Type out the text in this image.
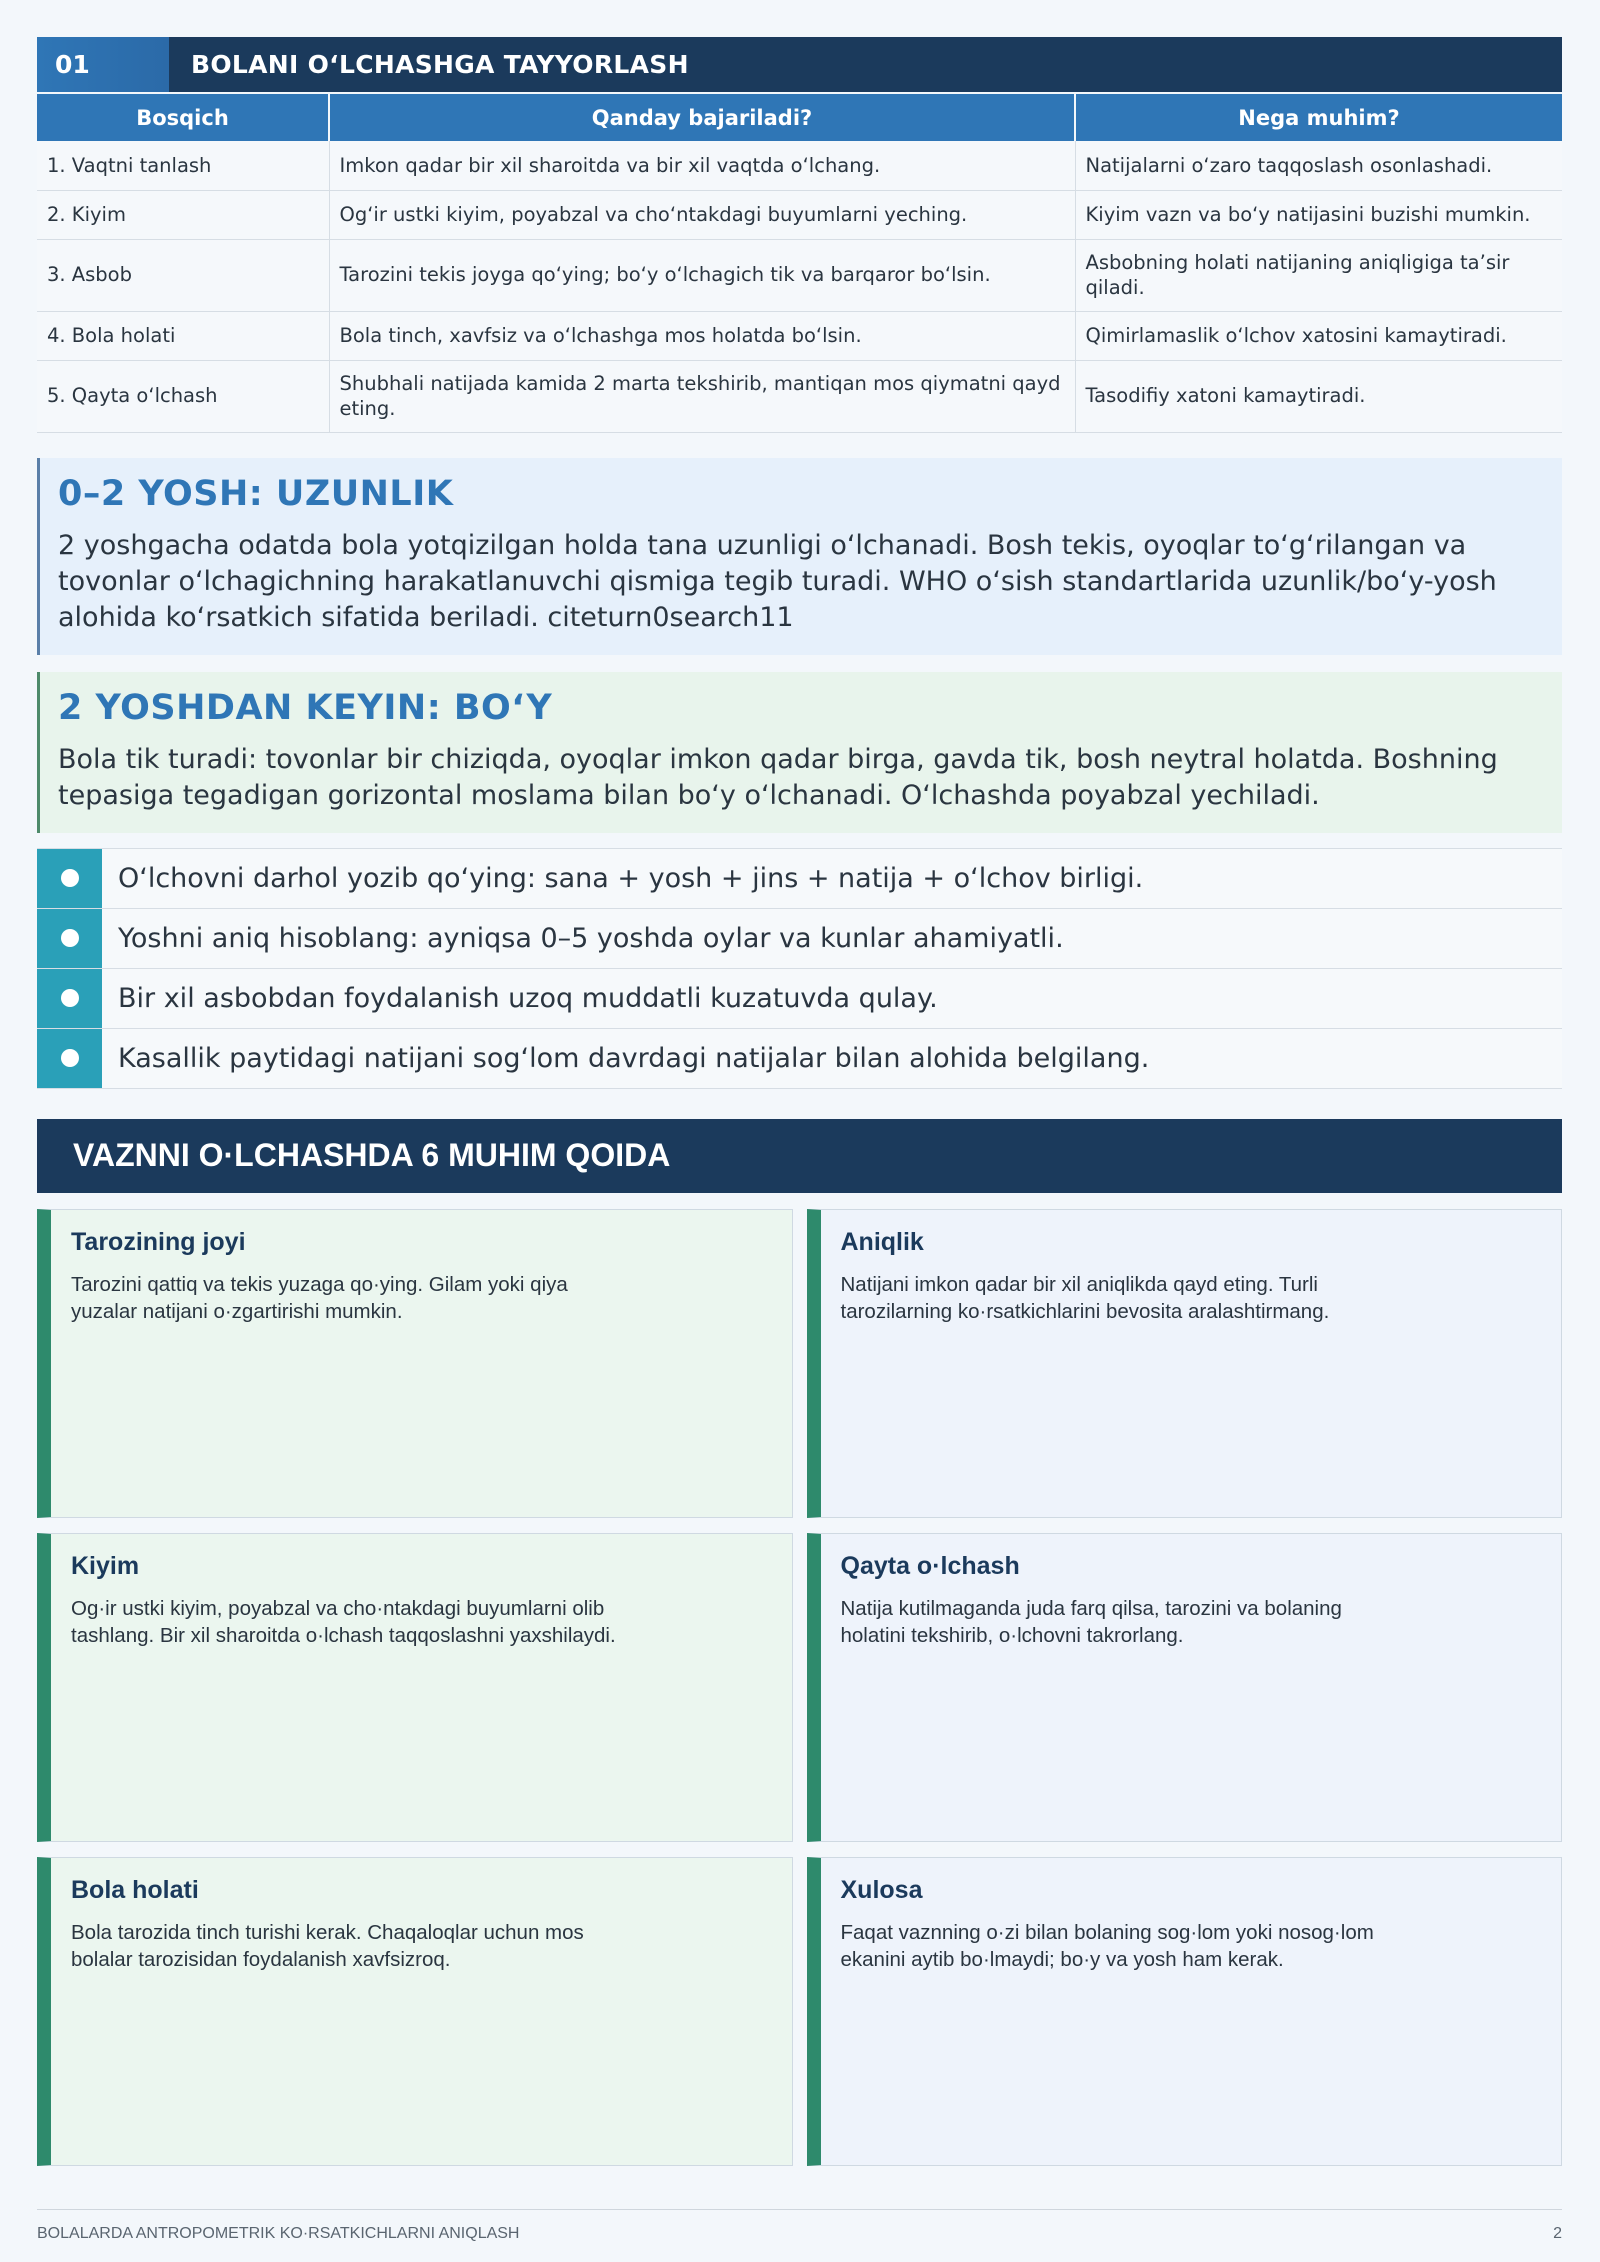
01	BOLANI O‘LCHASHGA TAYYORLASH
Bosqich	Qanday bajariladi?	Nega muhim?
1. Vaqtni tanlash	Imkon qadar bir xil sharoitda va bir xil vaqtda o‘lchang.	Natijalarni o‘zaro taqqoslash osonlashadi.
2. Kiyim	Og‘ir ustki kiyim, poyabzal va cho‘ntakdagi buyumlarni yeching.	Kiyim vazn va bo‘y natijasini buzishi mumkin.
3. Asbob	Tarozini tekis joyga qo‘ying; bo‘y o‘lchagich tik va barqaror bo‘lsin.	Asbobning holati natijaning aniqligiga ta’sir qiladi.
4. Bola holati	Bola tinch, xavfsiz va o‘lchashga mos holatda bo‘lsin.	Qimirlamaslik o‘lchov xatosini kamaytiradi.
5. Qayta o‘lchash	Shubhali natijada kamida 2 marta tekshirib, mantiqan mos qiymatni qayd eting.	Tasodifiy xatoni kamaytiradi.
0–2 YOSH: UZUNLIK

2 yoshgacha odatda bola yotqizilgan holda tana uzunligi o‘lchanadi. Bosh tekis, oyoqlar to‘g‘rilangan va tovonlar o‘lchagichning harakatlanuvchi qismiga tegib turadi. WHO o‘sish standartlarida uzunlik/bo‘y-yosh alohida ko‘rsatkich sifatida beriladi. citeturn0search11

2 YOSHDAN KEYIN: BO‘Y

Bola tik turadi: tovonlar bir chiziqda, oyoqlar imkon qadar birga, gavda tik, bosh neytral holatda. Boshning tepasiga tegadigan gorizontal moslama bilan bo‘y o‘lchanadi. O‘lchashda poyabzal yechiladi.

O‘lchovni darhol yozib qo‘ying: sana + yosh + jins + natija + o‘lchov birligi.
Yoshni aniq hisoblang: ayniqsa 0–5 yoshda oylar va kunlar ahamiyatli.
Bir xil asbobdan foydalanish uzoq muddatli kuzatuvda qulay.
Kasallik paytidagi natijani sog‘lom davrdagi natijalar bilan alohida belgilang.
VAZNNI O·LCHASHDA 6 MUHIM QOIDA
Tarozining joyi

Tarozini qattiq va tekis yuzaga qo·ying. Gilam yoki qiya yuzalar natijani o·zgartirishi mumkin.

Aniqlik

Natijani imkon qadar bir xil aniqlikda qayd eting. Turli tarozilarning ko·rsatkichlarini bevosita aralashtirmang.

Kiyim

Og·ir ustki kiyim, poyabzal va cho·ntakdagi buyumlarni olib tashlang. Bir xil sharoitda o·lchash taqqoslashni yaxshilaydi.

Qayta o·lchash

Natija kutilmaganda juda farq qilsa, tarozini va bolaning holatini tekshirib, o·lchovni takrorlang.

Bola holati

Bola tarozida tinch turishi kerak. Chaqaloqlar uchun mos bolalar tarozisidan foydalanish xavfsizroq.

Xulosa

Faqat vaznning o·zi bilan bolaning sog·lom yoki nosog·lom ekanini aytib bo·lmaydi; bo·y va yosh ham kerak.

BOLALARDA ANTROPOMETRIK KO·RSATKICHLARNI ANIQLASH	2
